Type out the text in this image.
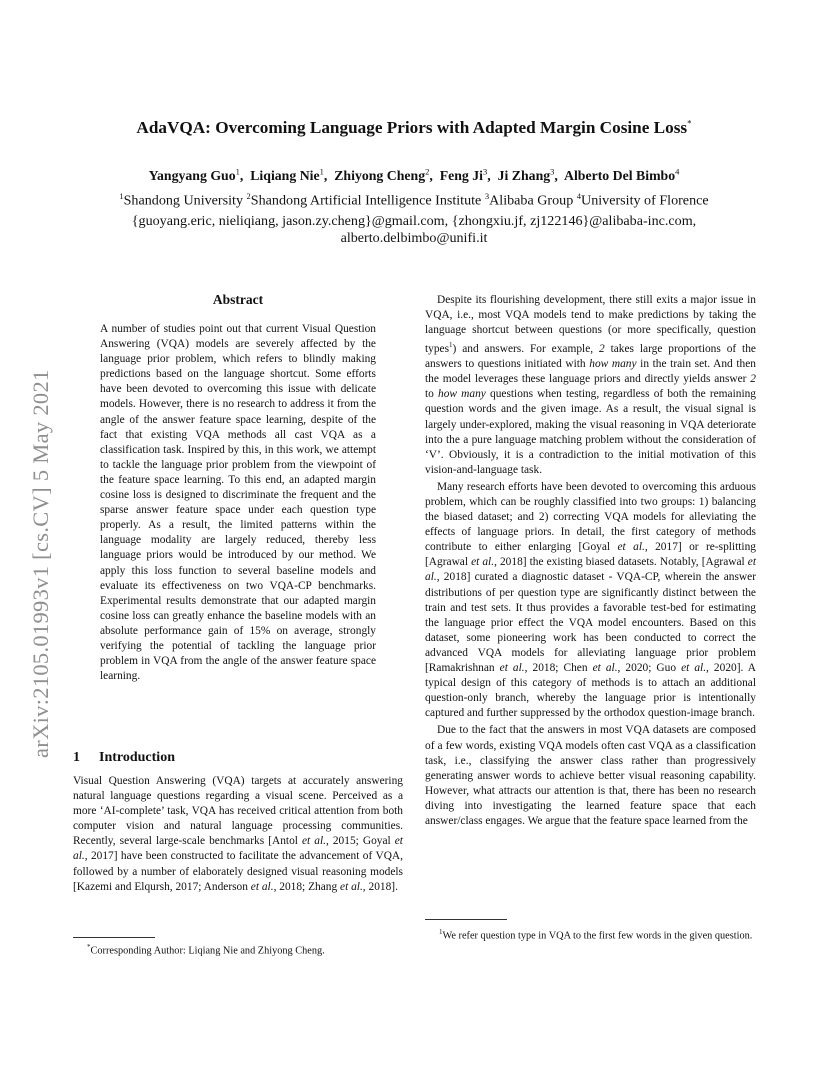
arXiv:2105.01993v1 [cs.CV] 5 May 2021
AdaVQA: Overcoming Language Priors with Adapted Margin Cosine Loss*
Yangyang Guo$^1$, Liqiang Nie$^1$, Zhiyong Cheng$^2$, Feng Ji$^3$, Ji Zhang$^3$, Alberto Del Bimbo$^4$
$^1$Shandong University $^2$Shandong Artificial Intelligence Institute $^3$Alibaba Group $^4$University of Florence
{guoyang.eric, nieliqiang, jason.zy.cheng}@gmail.com, {zhongxiu.jf, zj122146}@alibaba-inc.com,
alberto.delbimbo@unifi.it
Abstract
A number of studies point out that current Visual Question Answering (VQA) models are severely affected by the language prior problem, which refers to blindly making predictions based on the language shortcut. Some efforts have been devoted to overcoming this issue with delicate models. However, there is no research to address it from the angle of the answer feature space learning, despite of the fact that existing VQA methods all cast VQA as a classification task. Inspired by this, in this work, we attempt to tackle the language prior problem from the viewpoint of the feature space learning. To this end, an adapted margin cosine loss is designed to discriminate the frequent and the sparse answer feature space under each question type properly. As a result, the limited patterns within the language modality are largely reduced, thereby less language priors would be introduced by our method. We apply this loss function to several baseline models and evaluate its effectiveness on two VQA-CP benchmarks. Experimental results demonstrate that our adapted margin cosine loss can greatly enhance the baseline models with an absolute performance gain of 15% on average, strongly verifying the potential of tackling the language prior problem in VQA from the angle of the answer feature space learning.
1 Introduction
Visual Question Answering (VQA) targets at accurately answering natural language questions regarding a visual scene. Perceived as a more ‘AI-complete’ task, VQA has received critical attention from both computer vision and natural language processing communities. Recently, several large-scale benchmarks [Antol et al., 2015; Goyal et al., 2017] have been constructed to facilitate the advancement of VQA, followed by a number of elaborately designed visual reasoning models [Kazemi and Elqursh, 2017; Anderson et al., 2018; Zhang et al., 2018].

Despite its flourishing development, there still exits a major issue in VQA, i.e., most VQA models tend to make predictions by taking the language shortcut between questions (or more specifically, question types$^1$) and answers. For example, 2 takes large proportions of the answers to questions initiated with how many in the train set. And then the model leverages these language priors and directly yields answer 2 to how many questions when testing, regardless of both the remaining question words and the given image. As a result, the visual signal is largely under-explored, making the visual reasoning in VQA deteriorate into the a pure language matching problem without the consideration of ‘V’. Obviously, it is a contradiction to the initial motivation of this vision-and-language task.

Many research efforts have been devoted to overcoming this arduous problem, which can be roughly classified into two groups: 1) balancing the biased dataset; and 2) correcting VQA models for alleviating the effects of language priors. In detail, the first category of methods contribute to either enlarging [Goyal et al., 2017] or re-splitting [Agrawal et al., 2018] the existing biased datasets. Notably, [Agrawal et al., 2018] curated a diagnostic dataset - VQA-CP, wherein the answer distributions of per question type are significantly distinct between the train and test sets. It thus provides a favorable test-bed for estimating the language prior effect the VQA model encounters. Based on this dataset, some pioneering work has been conducted to correct the advanced VQA models for alleviating language prior problem [Ramakrishnan et al., 2018; Chen et al., 2020; Guo et al., 2020]. A typical design of this category of methods is to attach an additional question-only branch, whereby the language prior is intentionally captured and further suppressed by the orthodox question-image branch.

Due to the fact that the answers in most VQA datasets are composed of a few words, existing VQA models often cast VQA as a classification task, i.e., classifying the answer class rather than progressively generating answer words to achieve better visual reasoning capability. However, what attracts our attention is that, there has been no research diving into investigating the learned feature space that each answer/class engages. We argue that the feature space learned from the

*Corresponding Author: Liqiang Nie and Zhiyong Cheng.
$^1$We refer question type in VQA to the first few words in the given question.
